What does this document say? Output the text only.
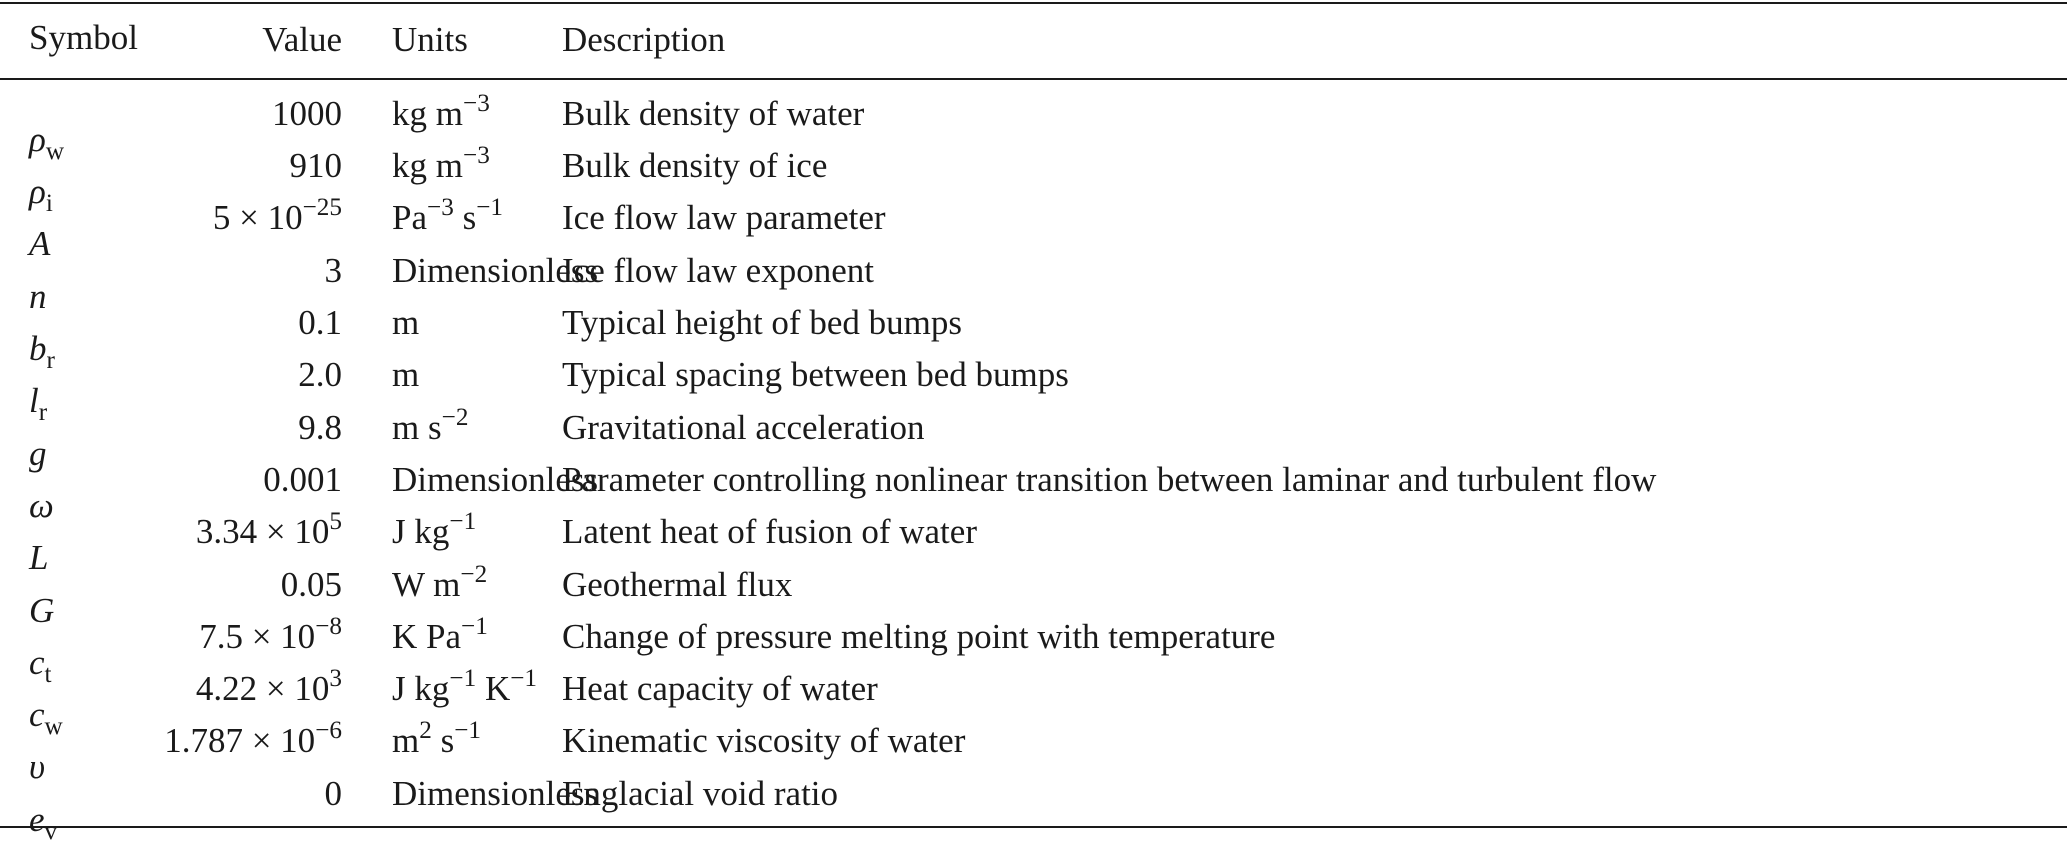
Symbol	Value	Units	Description

$\rho_w$	1000	kg $m^{-3}$	Bulk density of water

$\rho_i$	910	kg $m^{-3}$	Bulk density of ice

A	$5 \times 10^{-25}$	$Pa^{-3}$ $s^{-1}$	Ice flow law parameter

n	3	Dimensionless	Ice flow law exponent

$b_r$	0.1	m	Typical height of bed bumps

$l_r$	2.0	m	Typical spacing between bed bumps

g	9.8	m $s^{-2}$	Gravitational acceleration

ω	0.001	Dimensionless	Parameter controlling nonlinear transition between laminar and turbulent flow

L	$3.34 \times 10^5$	J $kg^{-1}$	Latent heat of fusion of water

G	0.05	W $m^{-2}$	Geothermal flux

$c_t$	$7.5 \times 10^{-8}$	K $Pa^{-1}$	Change of pressure melting point with temperature

$c_w$	$4.22 \times 10^3$	J $kg^{-1}$ $K^{-1}$	Heat capacity of water

υ	$1.787 \times 10^{-6}$	$m^2$ $s^{-1}$	Kinematic viscosity of water

$e_v$	0	Dimensionless	Englacial void ratio
